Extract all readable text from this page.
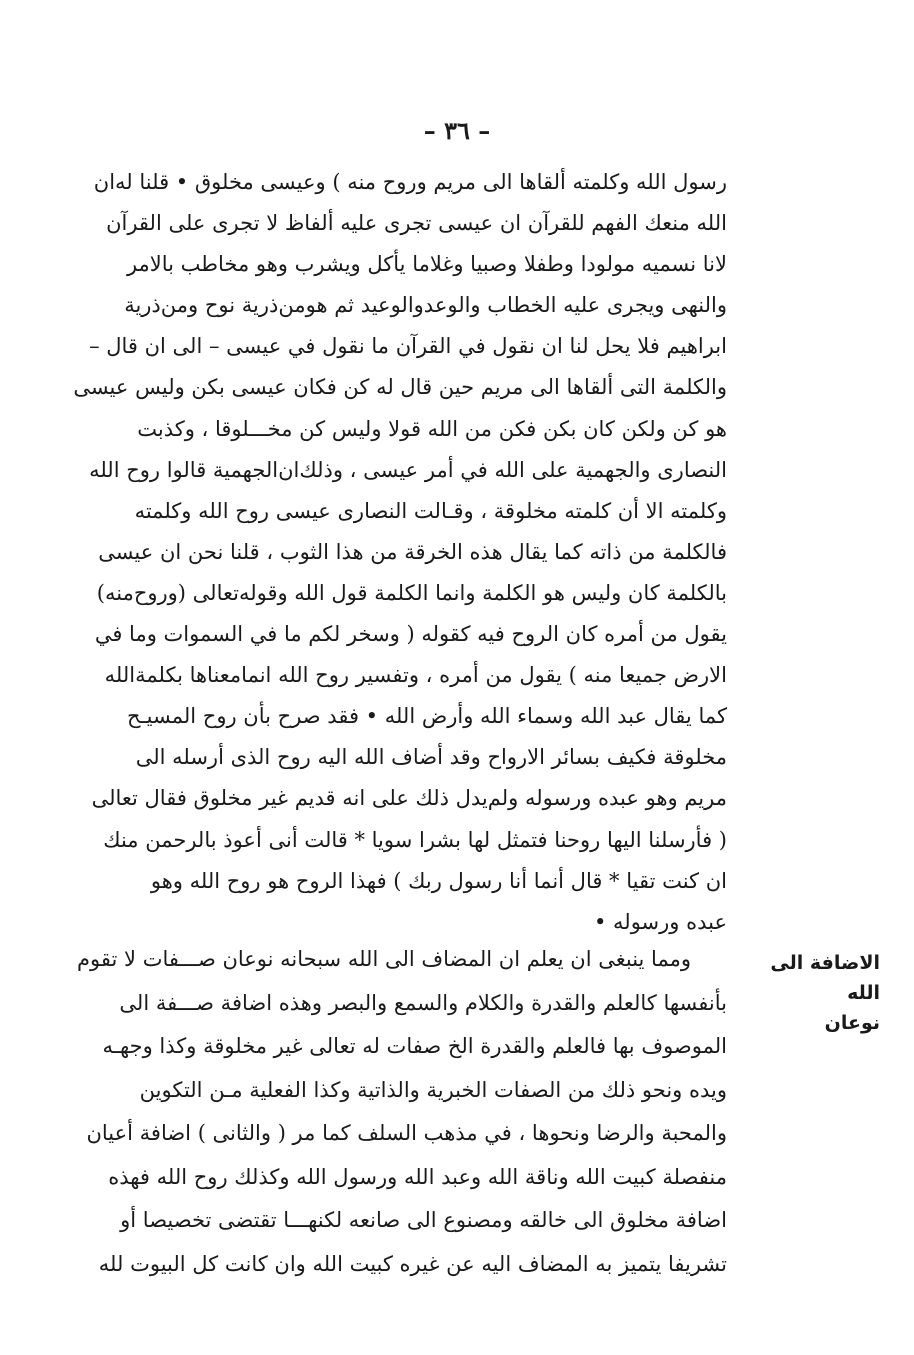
– ٣٦ –
رسول الله وكلمته ألقاها الى مريم وروح منه ) وعيسى مخلوق • قلنا له‌ان
الله منعك الفهم للقرآن ان عيسى تجرى عليه ألفاظ لا تجرى على القرآن
لانا نسميه مولودا وطفلا وصبيا وغلاما يأكل ويشرب وهو مخاطب بالامر
والنهى ويجرى عليه الخطاب والوعدوالوعيد ثم هومن‌ذرية نوح ومن‌ذرية
ابراهيم فلا يحل لنا ان نقول في القرآن ما نقول في عيسى – الى ان قال –
والكلمة التى ألقاها الى مريم حين قال له كن فكان عيسى بكن وليس عيسى
هو كن ولكن كان بكن فكن من الله قولا وليس كن مخـــلوقا ، وكذبت
النصارى والجهمية على الله في أمر عيسى ، وذلك‌ان‌الجهمية قالوا روح الله
وكلمته الا أن كلمته مخلوقة ، وقـالت النصارى عيسى روح الله وكلمته
فالكلمة من ذاته كما يقال هذه الخرقة من هذا الثوب ، قلنا نحن ان عيسى
بالكلمة كان وليس هو الكلمة وانما الكلمة قول الله وقوله‌تعالى (وروح‌منه)
يقول من أمره كان الروح فيه كقوله ( وسخر لكم ما في السموات وما في
الارض جميعا منه ) يقول من أمره ، وتفسير روح الله انمامعناها بكلمةالله
كما يقال عبد الله وسماء الله وأرض الله • فقد صرح بأن روح المسيـح
مخلوقة فكيف بسائر الارواح وقد أضاف الله اليه روح الذى أرسله الى
مريم وهو عبده ورسوله ولم‌يدل ذلك على انه قديم غير مخلوق فقال تعالى
( فأرسلنا اليها روحنا فتمثل لها بشرا سويا * قالت أنى أعوذ بالرحمن منك
ان كنت تقيا * قال أنما أنا رسول ربك ) فهذا الروح هو روح الله وهو
عبده ورسوله •
الاضافة الى الله
نوعان
ومما ينبغى ان يعلم ان المضاف الى الله سبحانه نوعان صـــفات لا تقوم
بأنفسها كالعلم والقدرة والكلام والسمع والبصر وهذه اضافة صـــفة الى
الموصوف بها فالعلم والقدرة الخ صفات له تعالى غير مخلوقة وكذا وجهـه
ويده ونحو ذلك من الصفات الخبرية والذاتية وكذا الفعلية مـن التكوين
والمحبة والرضا ونحوها ، في مذهب السلف كما مر ( والثانى ) اضافة أعيان
منفصلة كبيت الله وناقة الله وعبد الله ورسول الله وكذلك روح الله فهذه
اضافة مخلوق الى خالقه ومصنوع الى صانعه لكنهـــا تقتضى تخصيصا أو
تشريفا يتميز به المضاف اليه عن غيره كبيت الله وان كانت كل البيوت لله
